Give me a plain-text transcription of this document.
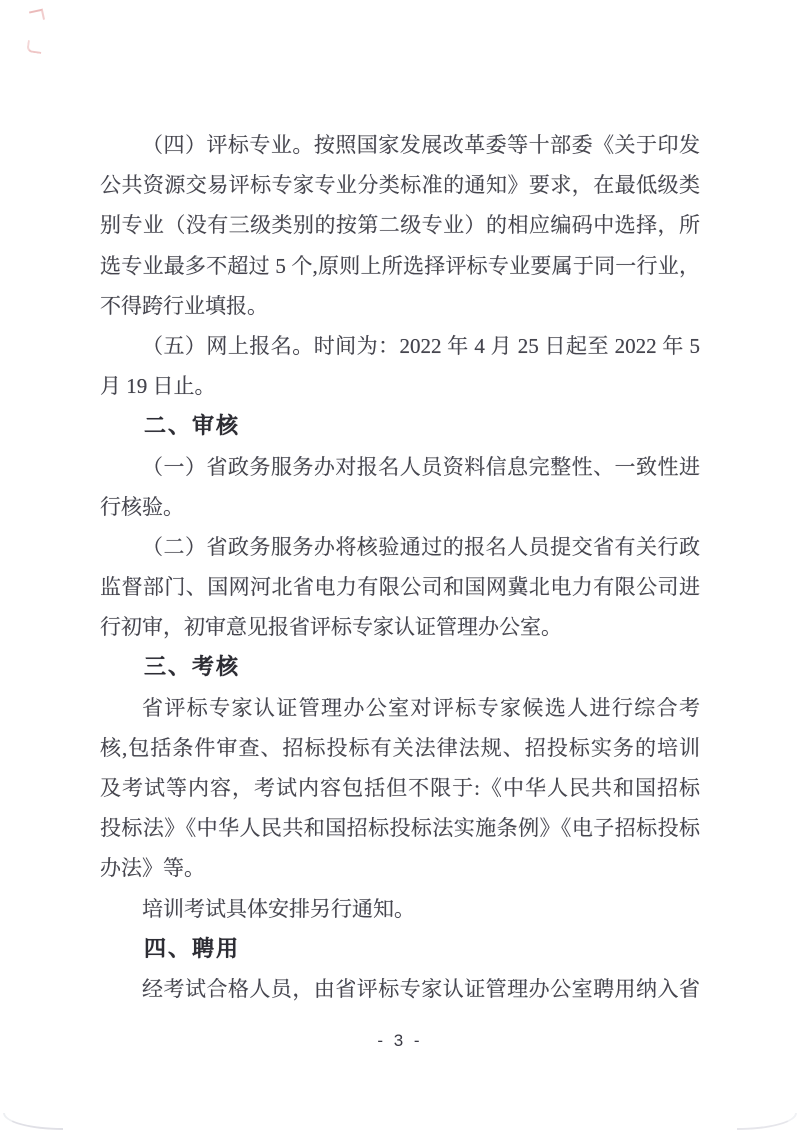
（四）评标专业。按照国家发展改革委等十部委《关于印发
公共资源交易评标专家专业分类标准的通知》要求，在最低级类
别专业（没有三级类别的按第二级专业）的相应编码中选择，所
选专业最多不超过 5 个,原则上所选择评标专业要属于同一行业，
不得跨行业填报。
（五）网上报名。时间为：2022 年 4 月 25 日起至 2022 年 5
月 19 日止。
二、审核
（一）省政务服务办对报名人员资料信息完整性、一致性进
行核验。
（二）省政务服务办将核验通过的报名人员提交省有关行政
监督部门、国网河北省电力有限公司和国网冀北电力有限公司进
行初审，初审意见报省评标专家认证管理办公室。
三、考核
省评标专家认证管理办公室对评标专家候选人进行综合考
核,包括条件审查、招标投标有关法律法规、招投标实务的培训
及考试等内容，考试内容包括但不限于:《中华人民共和国招标
投标法》《中华人民共和国招标投标法实施条例》《电子招标投标
办法》等。
培训考试具体安排另行通知。
四、聘用
经考试合格人员，由省评标专家认证管理办公室聘用纳入省
- 3 -
